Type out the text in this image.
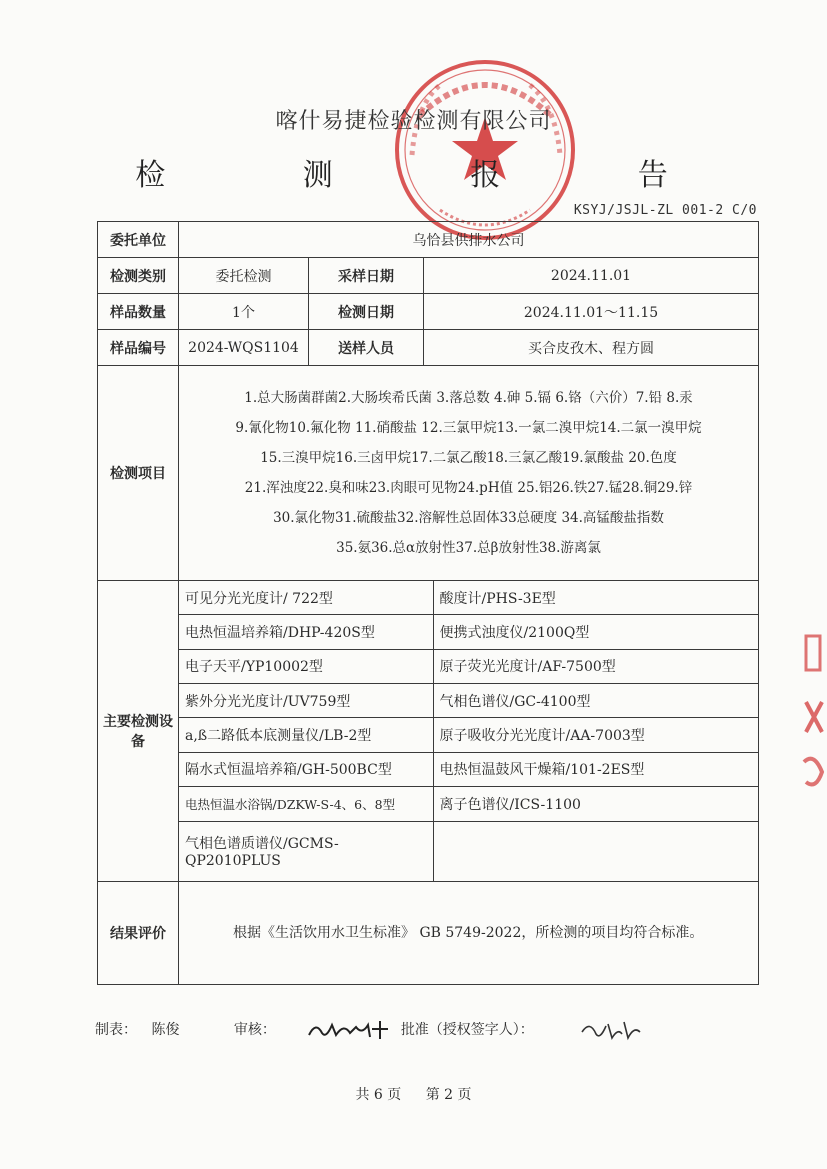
喀什易捷检验检测有限公司
检 测 报 告
KSYJ/JSJL-ZL 001-2 C/0
委托单位	乌恰县供排水公司
检测类别	委托检测	采样日期	2024.11.01
样品数量	1个	检测日期	2024.11.01～11.15
样品编号	2024-WQS1104	送样人员	买合皮孜木、程方圆
检测项目	
1.总大肠菌群菌2.大肠埃希氏菌 3.落总数 4.砷 5.镉 6.铬（六价）7.铅 8.汞
9.氰化物10.氟化物 11.硝酸盐 12.三氯甲烷13.一氯二溴甲烷14.二氯一溴甲烷
15.三溴甲烷16.三卤甲烷17.二氯乙酸18.三氯乙酸19.氯酸盐 20.色度
21.浑浊度22.臭和味23.肉眼可见物24.pH值 25.铝26.铁27.锰28.铜29.锌
30.氯化物31.硫酸盐32.溶解性总固体33总硬度 34.高锰酸盐指数
35.氨36.总α放射性37.总β放射性38.游离氯

主要检测设备	
可见分光光度计/ 722型	酸度计/PHS-3E型
电热恒温培养箱/DHP-420S型	便携式浊度仪/2100Q型
电子天平/YP10002型	原子荧光光度计/AF-7500型
紫外分光光度计/UV759型	气相色谱仪/GC-4100型
a,ß二路低本底测量仪/LB-2型	原子吸收分光光度计/AA-7003型
隔水式恒温培养箱/GH-500BC型	电热恒温鼓风干燥箱/101-2ES型
电热恒温水浴锅/DZKW-S-4、6、8型	离子色谱仪/ICS-1100
气相色谱质谱仪/GCMS-QP2010PLUS	

结果评价	根据《生活饮用水卫生标准》 GB 5749-2022，所检测的项目均符合标准。
制表： 陈俊	审核：	批准（授权签字人）：
共 6 页 第 2 页
